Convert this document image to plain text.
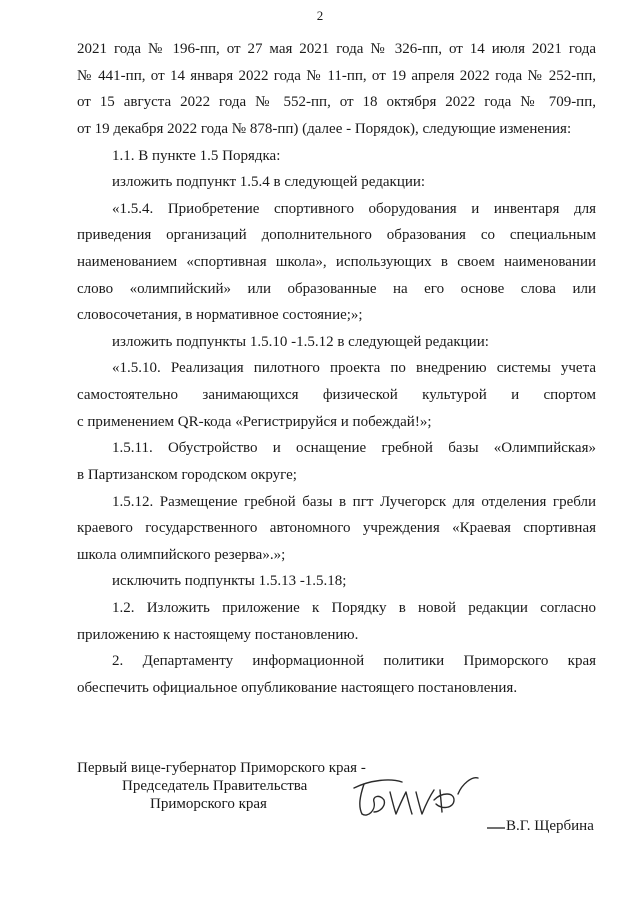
2
2021 года № 196-пп, от 27 мая 2021 года № 326-пп, от 14 июля 2021 года
№ 441-пп, от 14 января 2022 года № 11-пп, от 19 апреля 2022 года № 252-пп,
от 15 августа 2022 года № 552-пп, от 18 октября 2022 года № 709-пп,
от 19 декабря 2022 года № 878-пп) (далее - Порядок), следующие изменения:
1.1. В пункте 1.5 Порядка:
изложить подпункт 1.5.4 в следующей редакции:
«1.5.4. Приобретение спортивного оборудования и инвентаря для
приведения организаций дополнительного образования со специальным
наименованием «спортивная школа», использующих в своем наименовании
слово «олимпийский» или образованные на его основе слова или
словосочетания, в нормативное состояние;»;
изложить подпункты 1.5.10 -1.5.12 в следующей редакции:
«1.5.10. Реализация пилотного проекта по внедрению системы учета
самостоятельно занимающихся физической культурой и спортом
с применением QR-кода «Регистрируйся и побеждай!»;
1.5.11. Обустройство и оснащение гребной базы «Олимпийская»
в Партизанском городском округе;
1.5.12. Размещение гребной базы в пгт Лучегорск для отделения гребли
краевого государственного автономного учреждения «Краевая спортивная
школа олимпийского резерва».»;
исключить подпункты 1.5.13 -1.5.18;
1.2. Изложить приложение к Порядку в новой редакции согласно
приложению к настоящему постановлению.
2. Департаменту информационной политики Приморского края
обеспечить официальное опубликование настоящего постановления.
Первый вице-губернатор Приморского края -
Председатель Правительства
Приморского края
В.Г. Щербина
